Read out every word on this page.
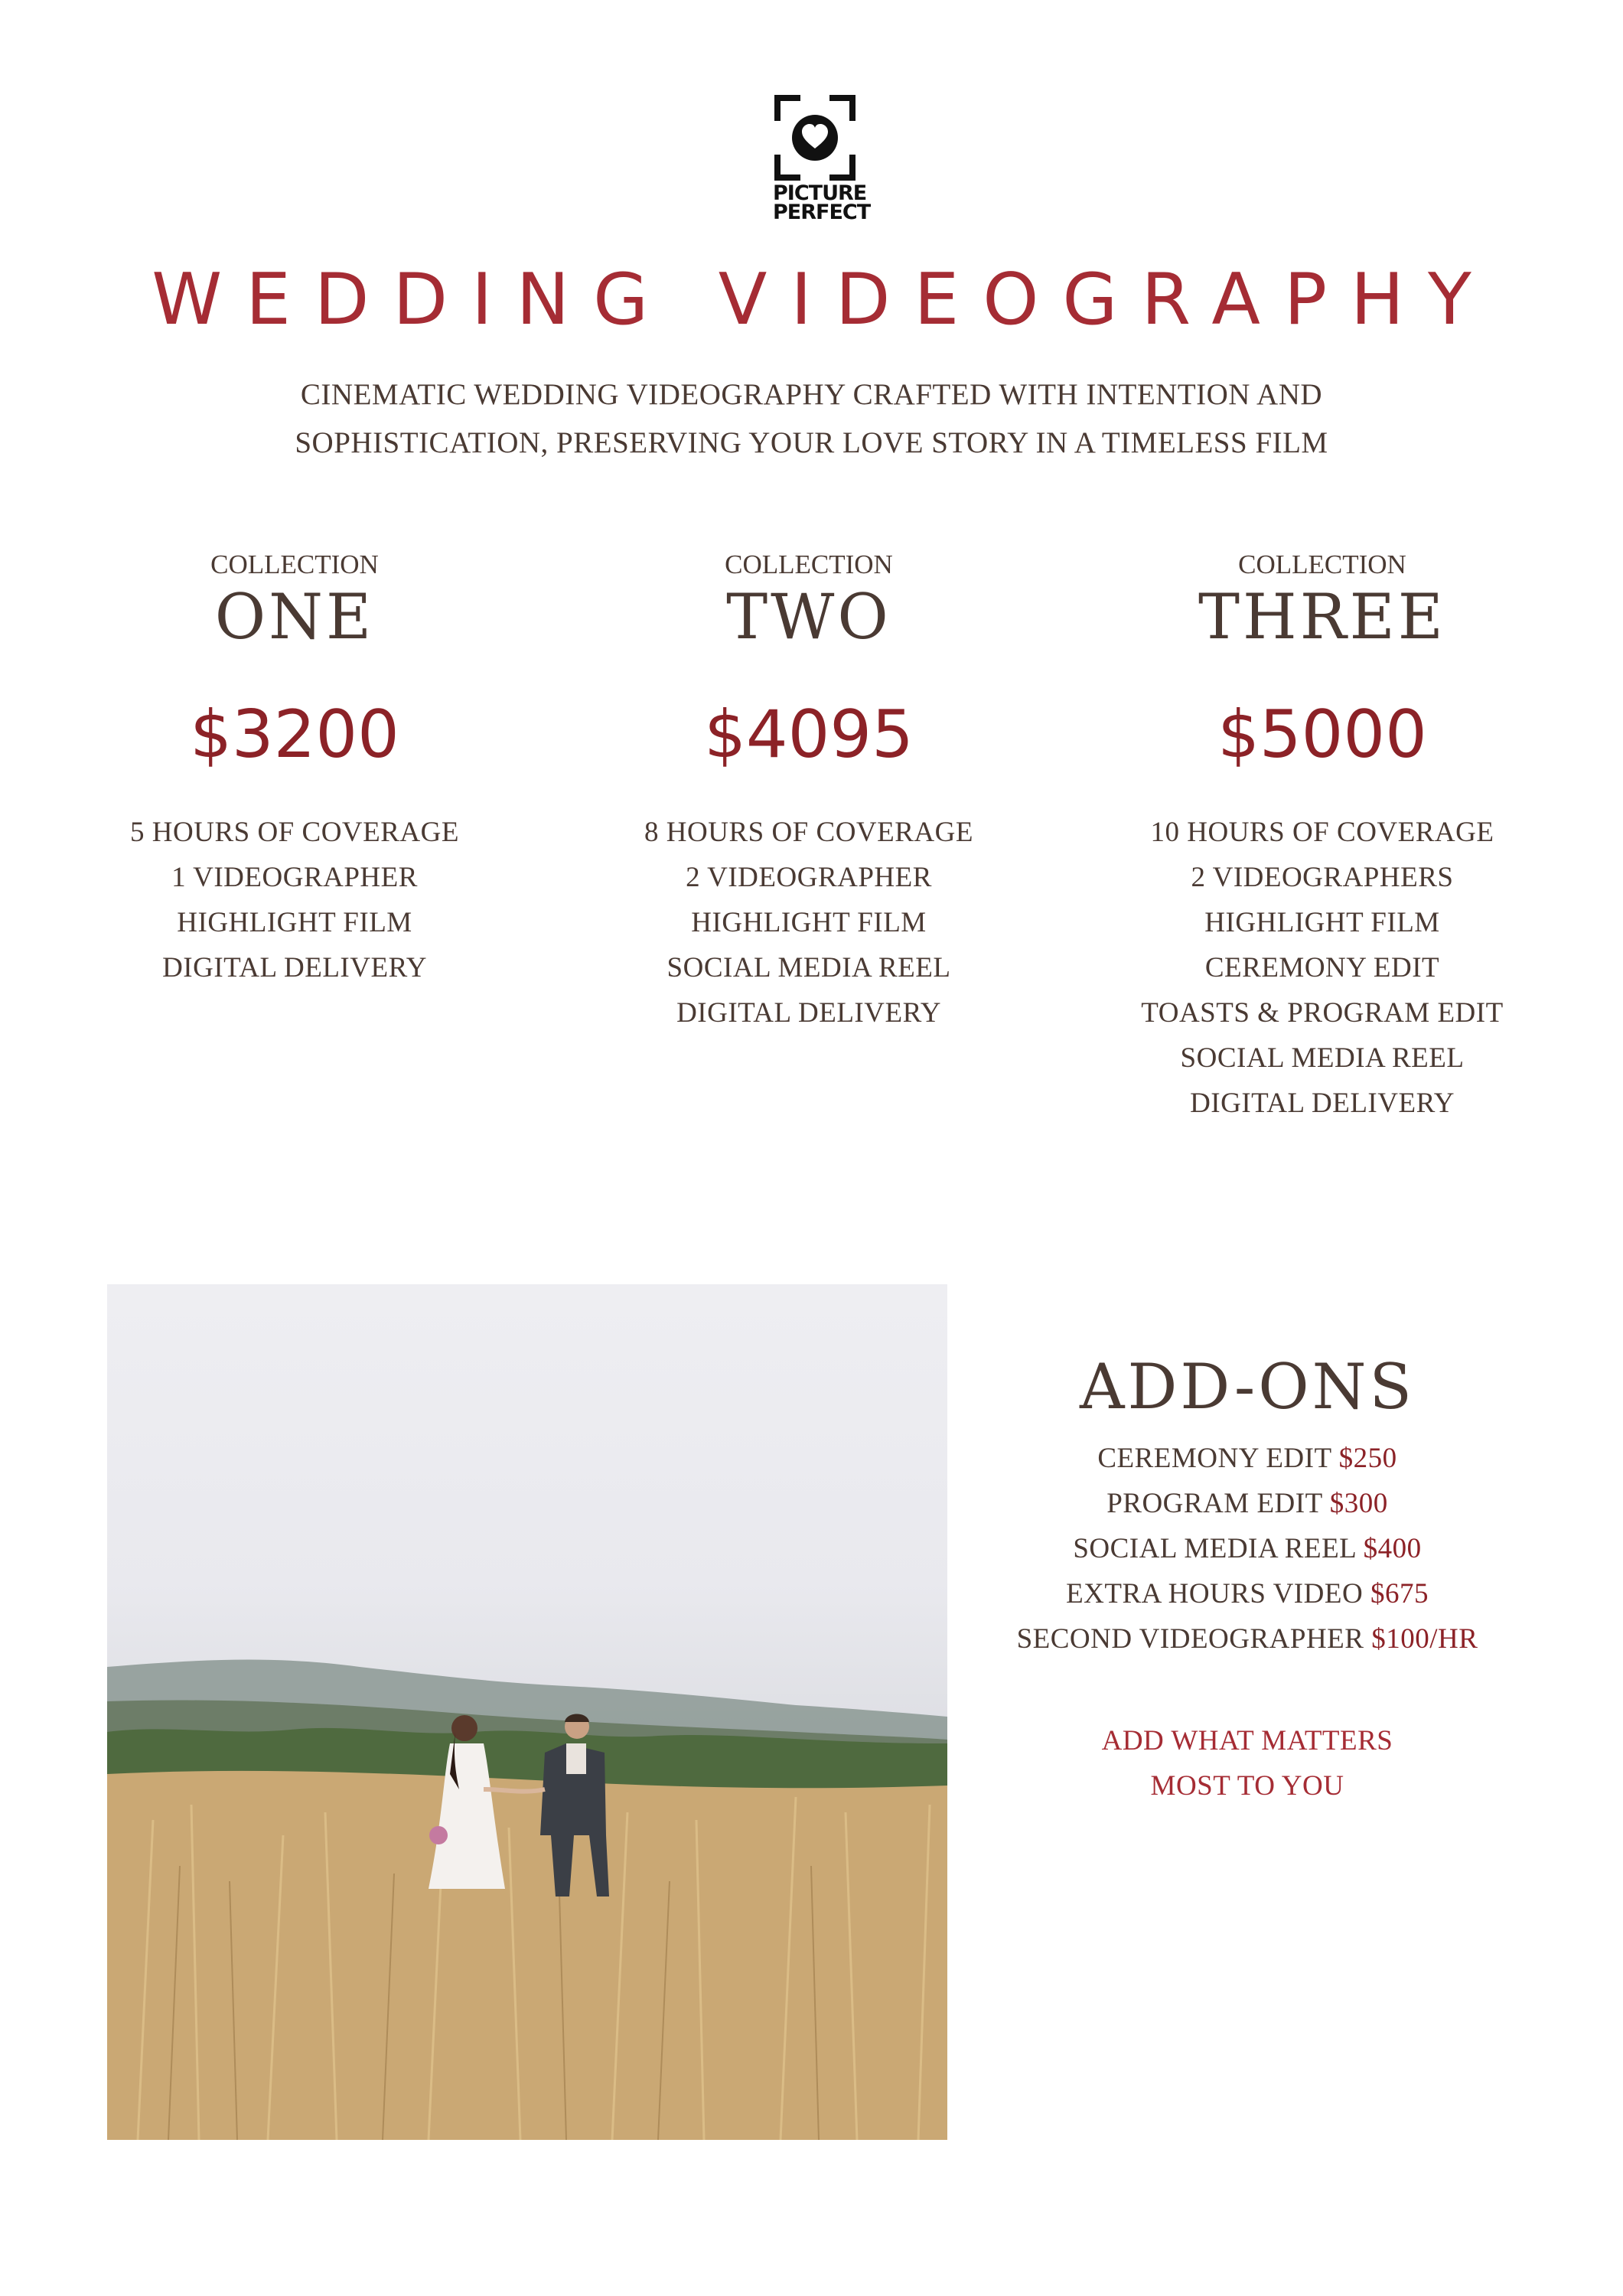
PICTURE
PERFECT
WEDDING VIDEOGRAPHY
CINEMATIC WEDDING VIDEOGRAPHY CRAFTED WITH INTENTION AND
SOPHISTICATION, PRESERVING YOUR LOVE STORY IN A TIMELESS FILM
COLLECTION
ONE
$3200
5 HOURS OF COVERAGE
1 VIDEOGRAPHER
HIGHLIGHT FILM
DIGITAL DELIVERY
COLLECTION
TWO
$4095
8 HOURS OF COVERAGE
2 VIDEOGRAPHER
HIGHLIGHT FILM
SOCIAL MEDIA REEL
DIGITAL DELIVERY
COLLECTION
THREE
$5000
10 HOURS OF COVERAGE
2 VIDEOGRAPHERS
HIGHLIGHT FILM
CEREMONY EDIT
TOASTS & PROGRAM EDIT
SOCIAL MEDIA REEL
DIGITAL DELIVERY
ADD-ONS
CEREMONY EDIT $250
PROGRAM EDIT $300
SOCIAL MEDIA REEL $400
EXTRA HOURS VIDEO $675
SECOND VIDEOGRAPHER $100/HR
ADD WHAT MATTERS
MOST TO YOU
